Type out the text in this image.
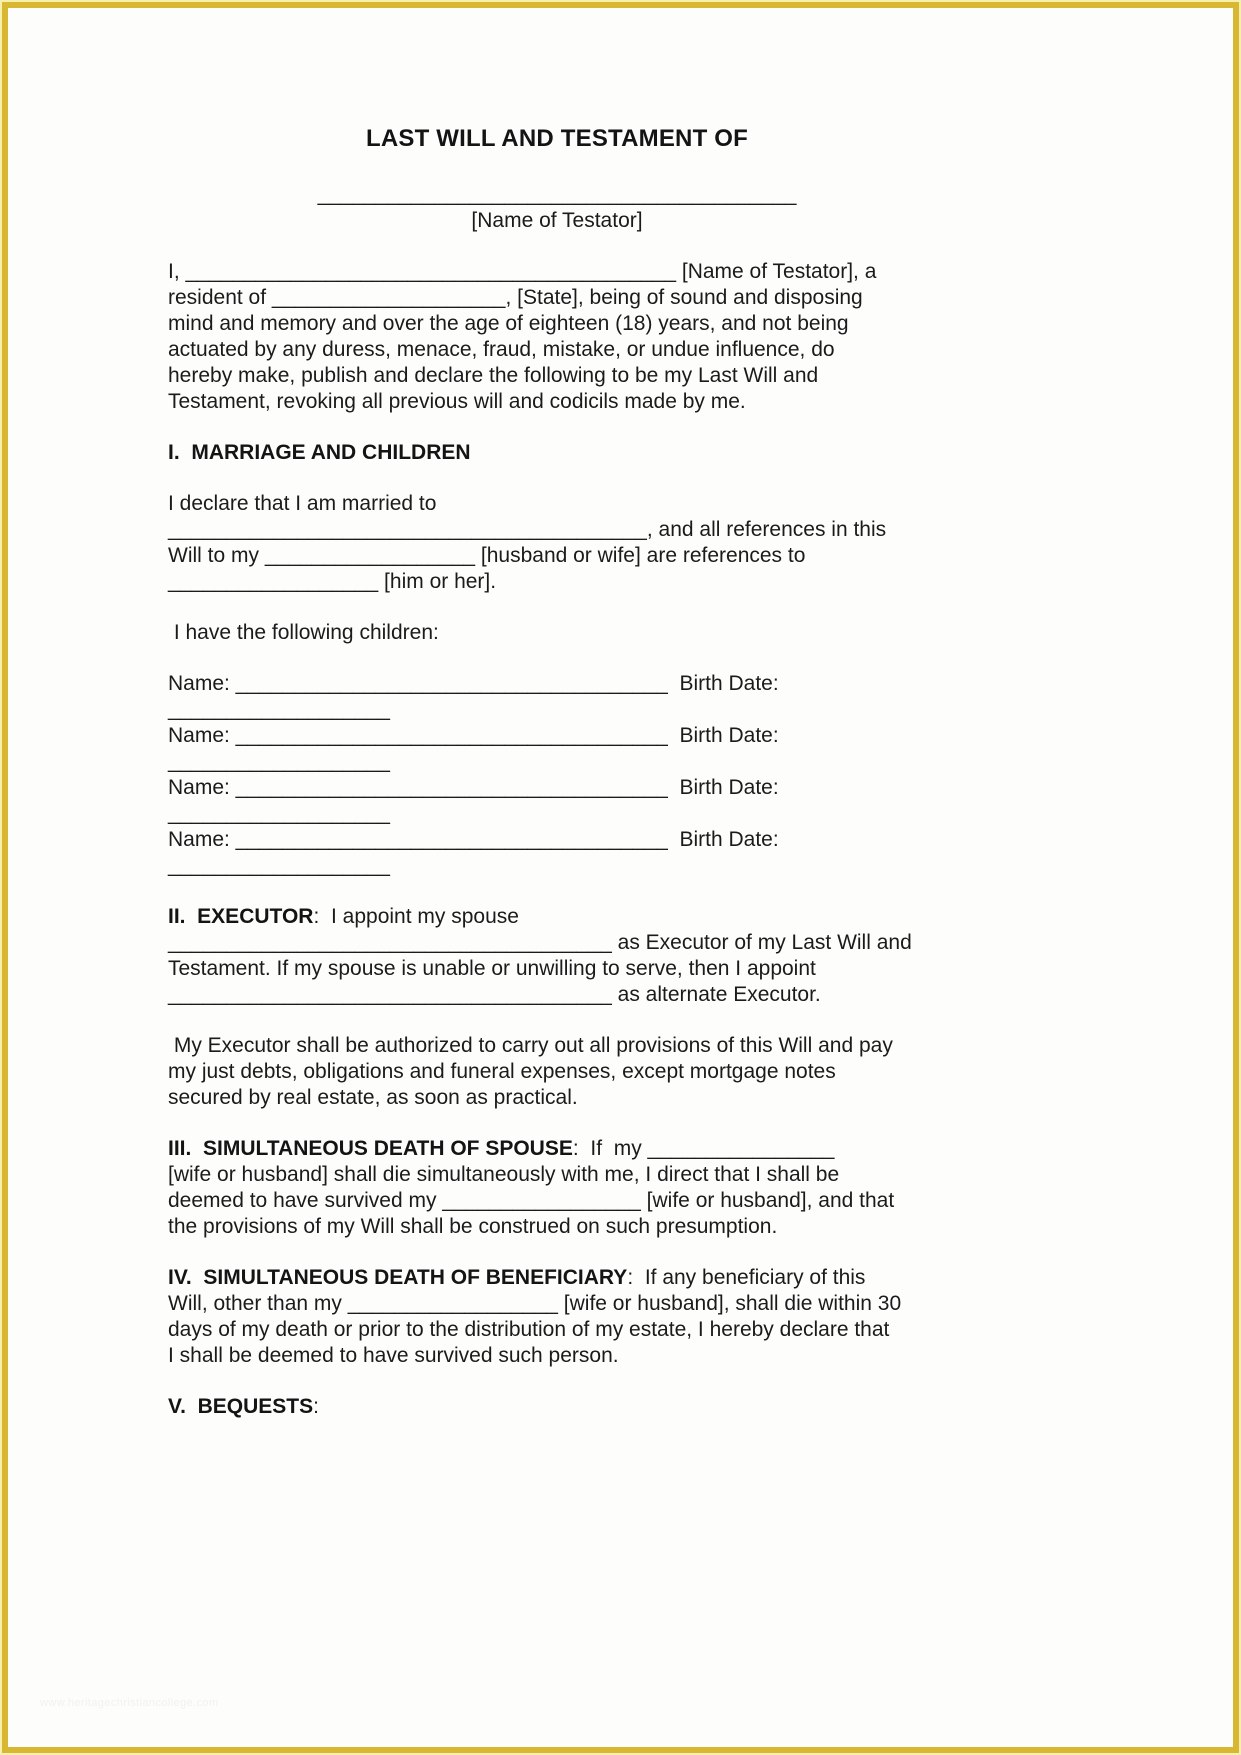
LAST WILL AND TESTAMENT OF
_________________________________________
[Name of Testator]
I, __________________________________________ [Name of Testator], a
resident of ____________________, [State], being of sound and disposing
mind and memory and over the age of eighteen (18) years, and not being
actuated by any duress, menace, fraud, mistake, or undue influence, do
hereby make, publish and declare the following to be my Last Will and
Testament, revoking all previous will and codicils made by me.
I.  MARRIAGE AND CHILDREN
I declare that I am married to
_________________________________________, and all references in this
Will to my __________________ [husband or wife] are references to
__________________ [him or her].
I have the following children:
Name: _____________________________________  Birth Date:
___________________
Name: _____________________________________  Birth Date:
___________________
Name: _____________________________________  Birth Date:
___________________
Name: _____________________________________  Birth Date:
___________________
II.  EXECUTOR:  I appoint my spouse
______________________________________ as Executor of my Last Will and
Testament. If my spouse is unable or unwilling to serve, then I appoint
______________________________________ as alternate Executor.
My Executor shall be authorized to carry out all provisions of this Will and pay
my just debts, obligations and funeral expenses, except mortgage notes
secured by real estate, as soon as practical.
III.  SIMULTANEOUS DEATH OF SPOUSE:  If  my ________________
[wife or husband] shall die simultaneously with me, I direct that I shall be
deemed to have survived my _________________ [wife or husband], and that
the provisions of my Will shall be construed on such presumption.
IV.  SIMULTANEOUS DEATH OF BENEFICIARY:  If any beneficiary of this
Will, other than my __________________ [wife or husband], shall die within 30
days of my death or prior to the distribution of my estate, I hereby declare that
I shall be deemed to have survived such person.
V.  BEQUESTS:
www.heritagechristiancollege.com
